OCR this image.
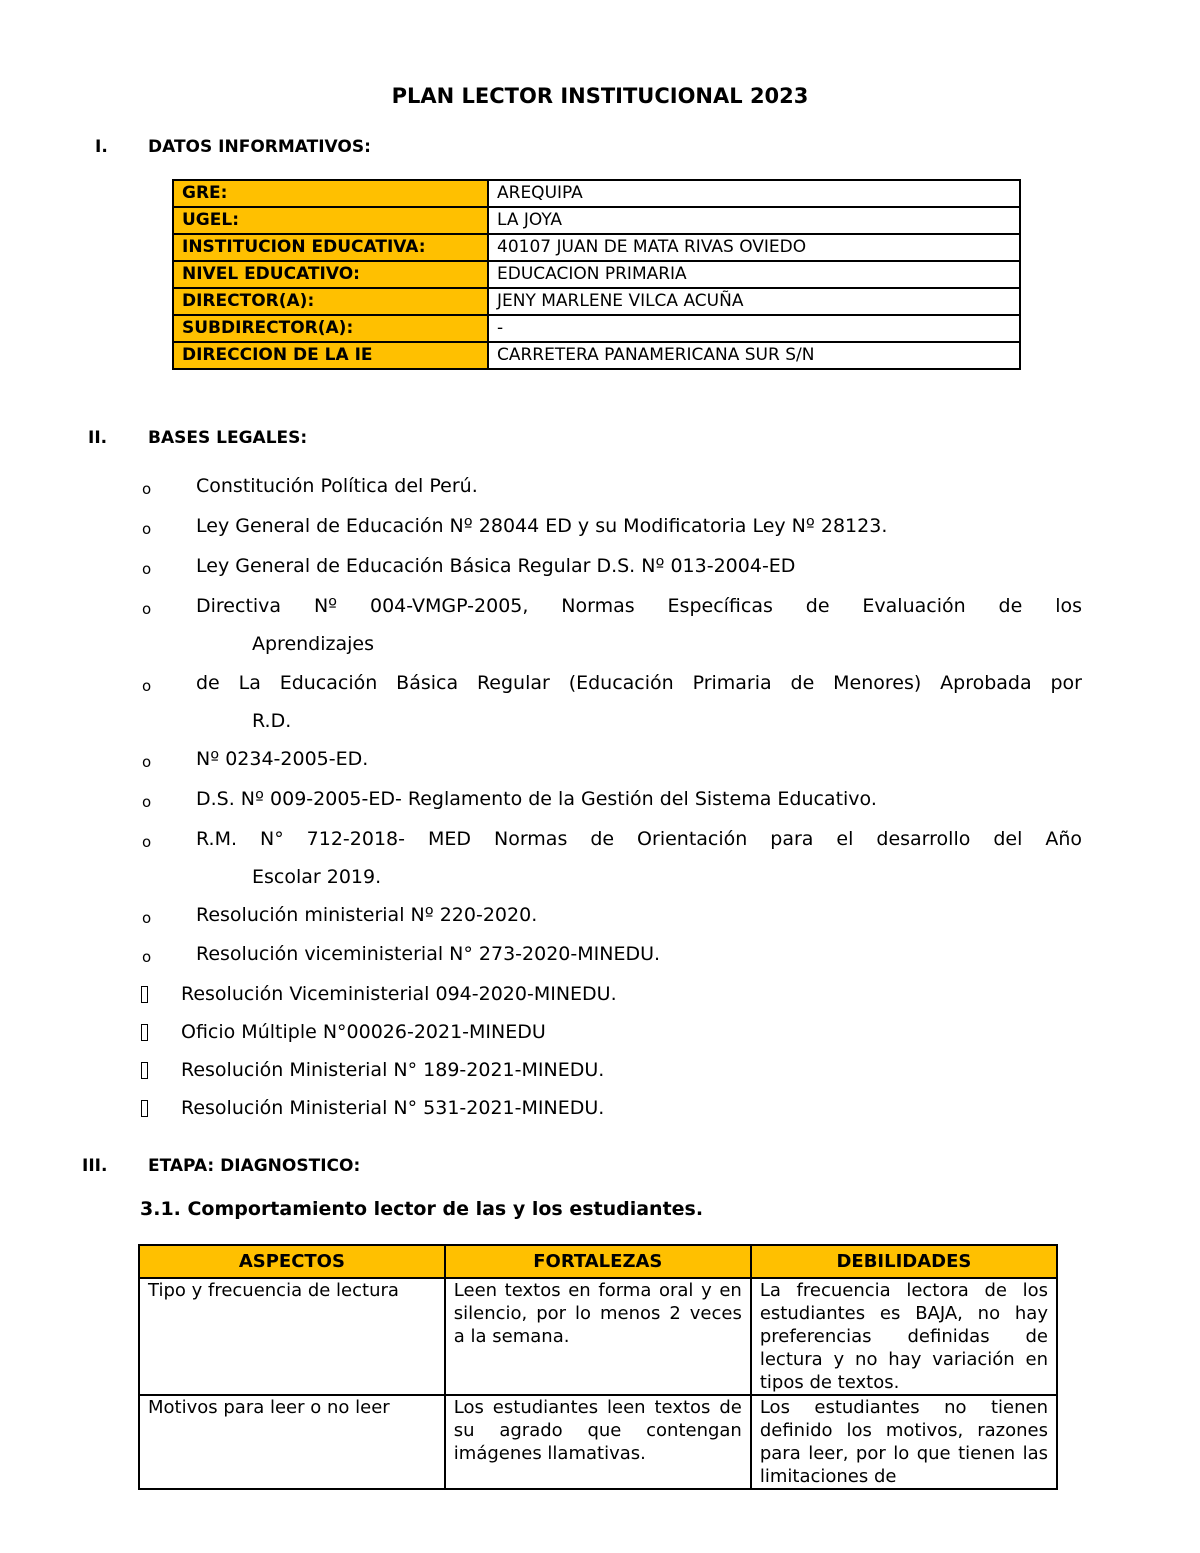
PLAN LECTOR INSTITUCIONAL 2023
I. DATOS INFORMATIVOS:
GRE:	AREQUIPA
UGEL:	LA JOYA
INSTITUCION EDUCATIVA:	40107 JUAN DE MATA RIVAS OVIEDO
NIVEL EDUCATIVO:	EDUCACION PRIMARIA
DIRECTOR(A):	JENY MARLENE VILCA ACUÑA
SUBDIRECTOR(A):	-
DIRECCION DE LA IE	CARRETERA PANAMERICANA SUR S/N
II. BASES LEGALES:
o Constitución Política del Perú.
o Ley General de Educación Nº 28044 ED y su Modificatoria Ley Nº 28123.
o Ley General de Educación Básica Regular D.S. Nº 013-2004-ED
o Directiva Nº 004-VMGP-2005, Normas Específicas de Evaluación de los
Aprendizajes
o de La Educación Básica Regular (Educación Primaria de Menores) Aprobada por
R.D.
o Nº 0234-2005-ED.
o D.S. Nº 009-2005-ED- Reglamento de la Gestión del Sistema Educativo.
o R.M. N° 712-2018- MED Normas de Orientación para el desarrollo del Año
Escolar 2019.
o Resolución ministerial Nº 220-2020.
o Resolución viceministerial N° 273-2020-MINEDU.
Resolución Viceministerial 094-2020-MINEDU.
Oficio Múltiple N°00026-2021-MINEDU
Resolución Ministerial N° 189-2021-MINEDU.
Resolución Ministerial N° 531-2021-MINEDU.
III. ETAPA: DIAGNOSTICO:
3.1. Comportamiento lector de las y los estudiantes.
ASPECTOS	FORTALEZAS	DEBILIDADES
Tipo y frecuencia de lectura	Leen textos en forma oral y en silencio, por lo menos 2 veces a la semana.	La frecuencia lectora de los estudiantes es BAJA, no hay preferencias definidas de lectura y no hay variación en tipos de textos.
Motivos para leer o no leer	Los estudiantes leen textos de su agrado que contengan imágenes llamativas.	Los estudiantes no tienen definido los motivos, razones para leer, por lo que tienen las limitaciones de
